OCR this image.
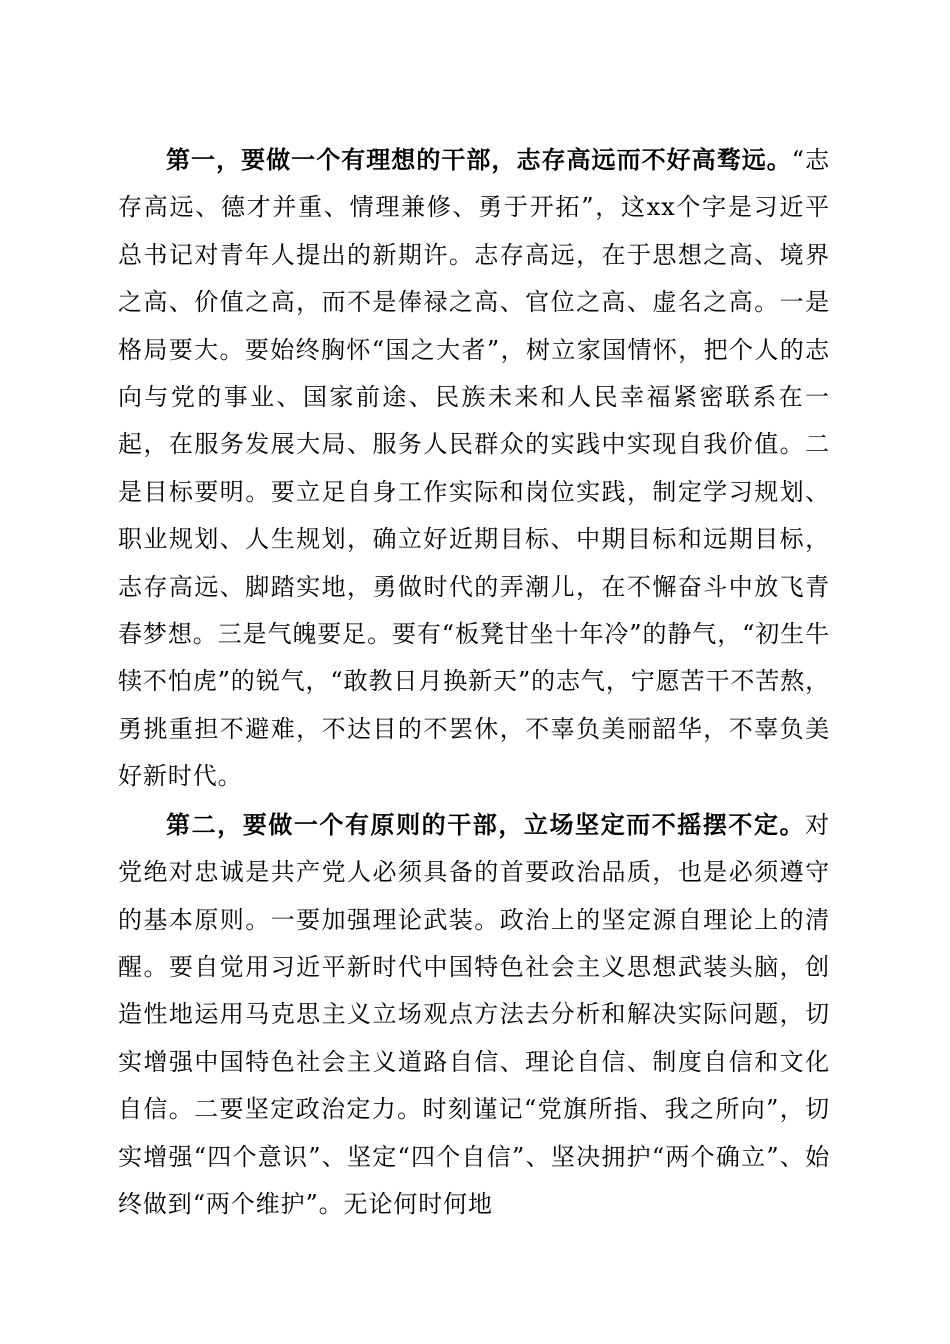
第一，要做一个有理想的干部，志存高远而不好高骛远。“志存高远、德才并重、情理兼修、勇于开拓”，这xx个字是习近平总书记对青年人提出的新期许。志存高远，在于思想之高、境界之高、价值之高，而不是俸禄之高、官位之高、虚名之高。一是格局要大。要始终胸怀“国之大者”，树立家国情怀，把个人的志向与党的事业、国家前途、民族未来和人民幸福紧密联系在一起，在服务发展大局、服务人民群众的实践中实现自我价值。二是目标要明。要立足自身工作实际和岗位实践，制定学习规划、职业规划、人生规划，确立好近期目标、中期目标和远期目标，志存高远、脚踏实地，勇做时代的弄潮儿，在不懈奋斗中放飞青春梦想。三是气魄要足。要有“板凳甘坐十年冷”的静气，“初生牛犊不怕虎”的锐气，“敢教日月换新天”的志气，宁愿苦干不苦熬，勇挑重担不避难，不达目的不罢休，不辜负美丽韶华，不辜负美好新时代。

第二，要做一个有原则的干部，立场坚定而不摇摆不定。对党绝对忠诚是共产党人必须具备的首要政治品质，也是必须遵守的基本原则。一要加强理论武装。政治上的坚定源自理论上的清醒。要自觉用习近平新时代中国特色社会主义思想武装头脑，创造性地运用马克思主义立场观点方法去分析和解决实际问题，切实增强中国特色社会主义道路自信、理论自信、制度自信和文化自信。二要坚定政治定力。时刻谨记“党旗所指、我之所向”，切实增强“四个意识”、坚定“四个自信”、坚决拥护“两个确立”、始终做到“两个维护”。无论何时何地
